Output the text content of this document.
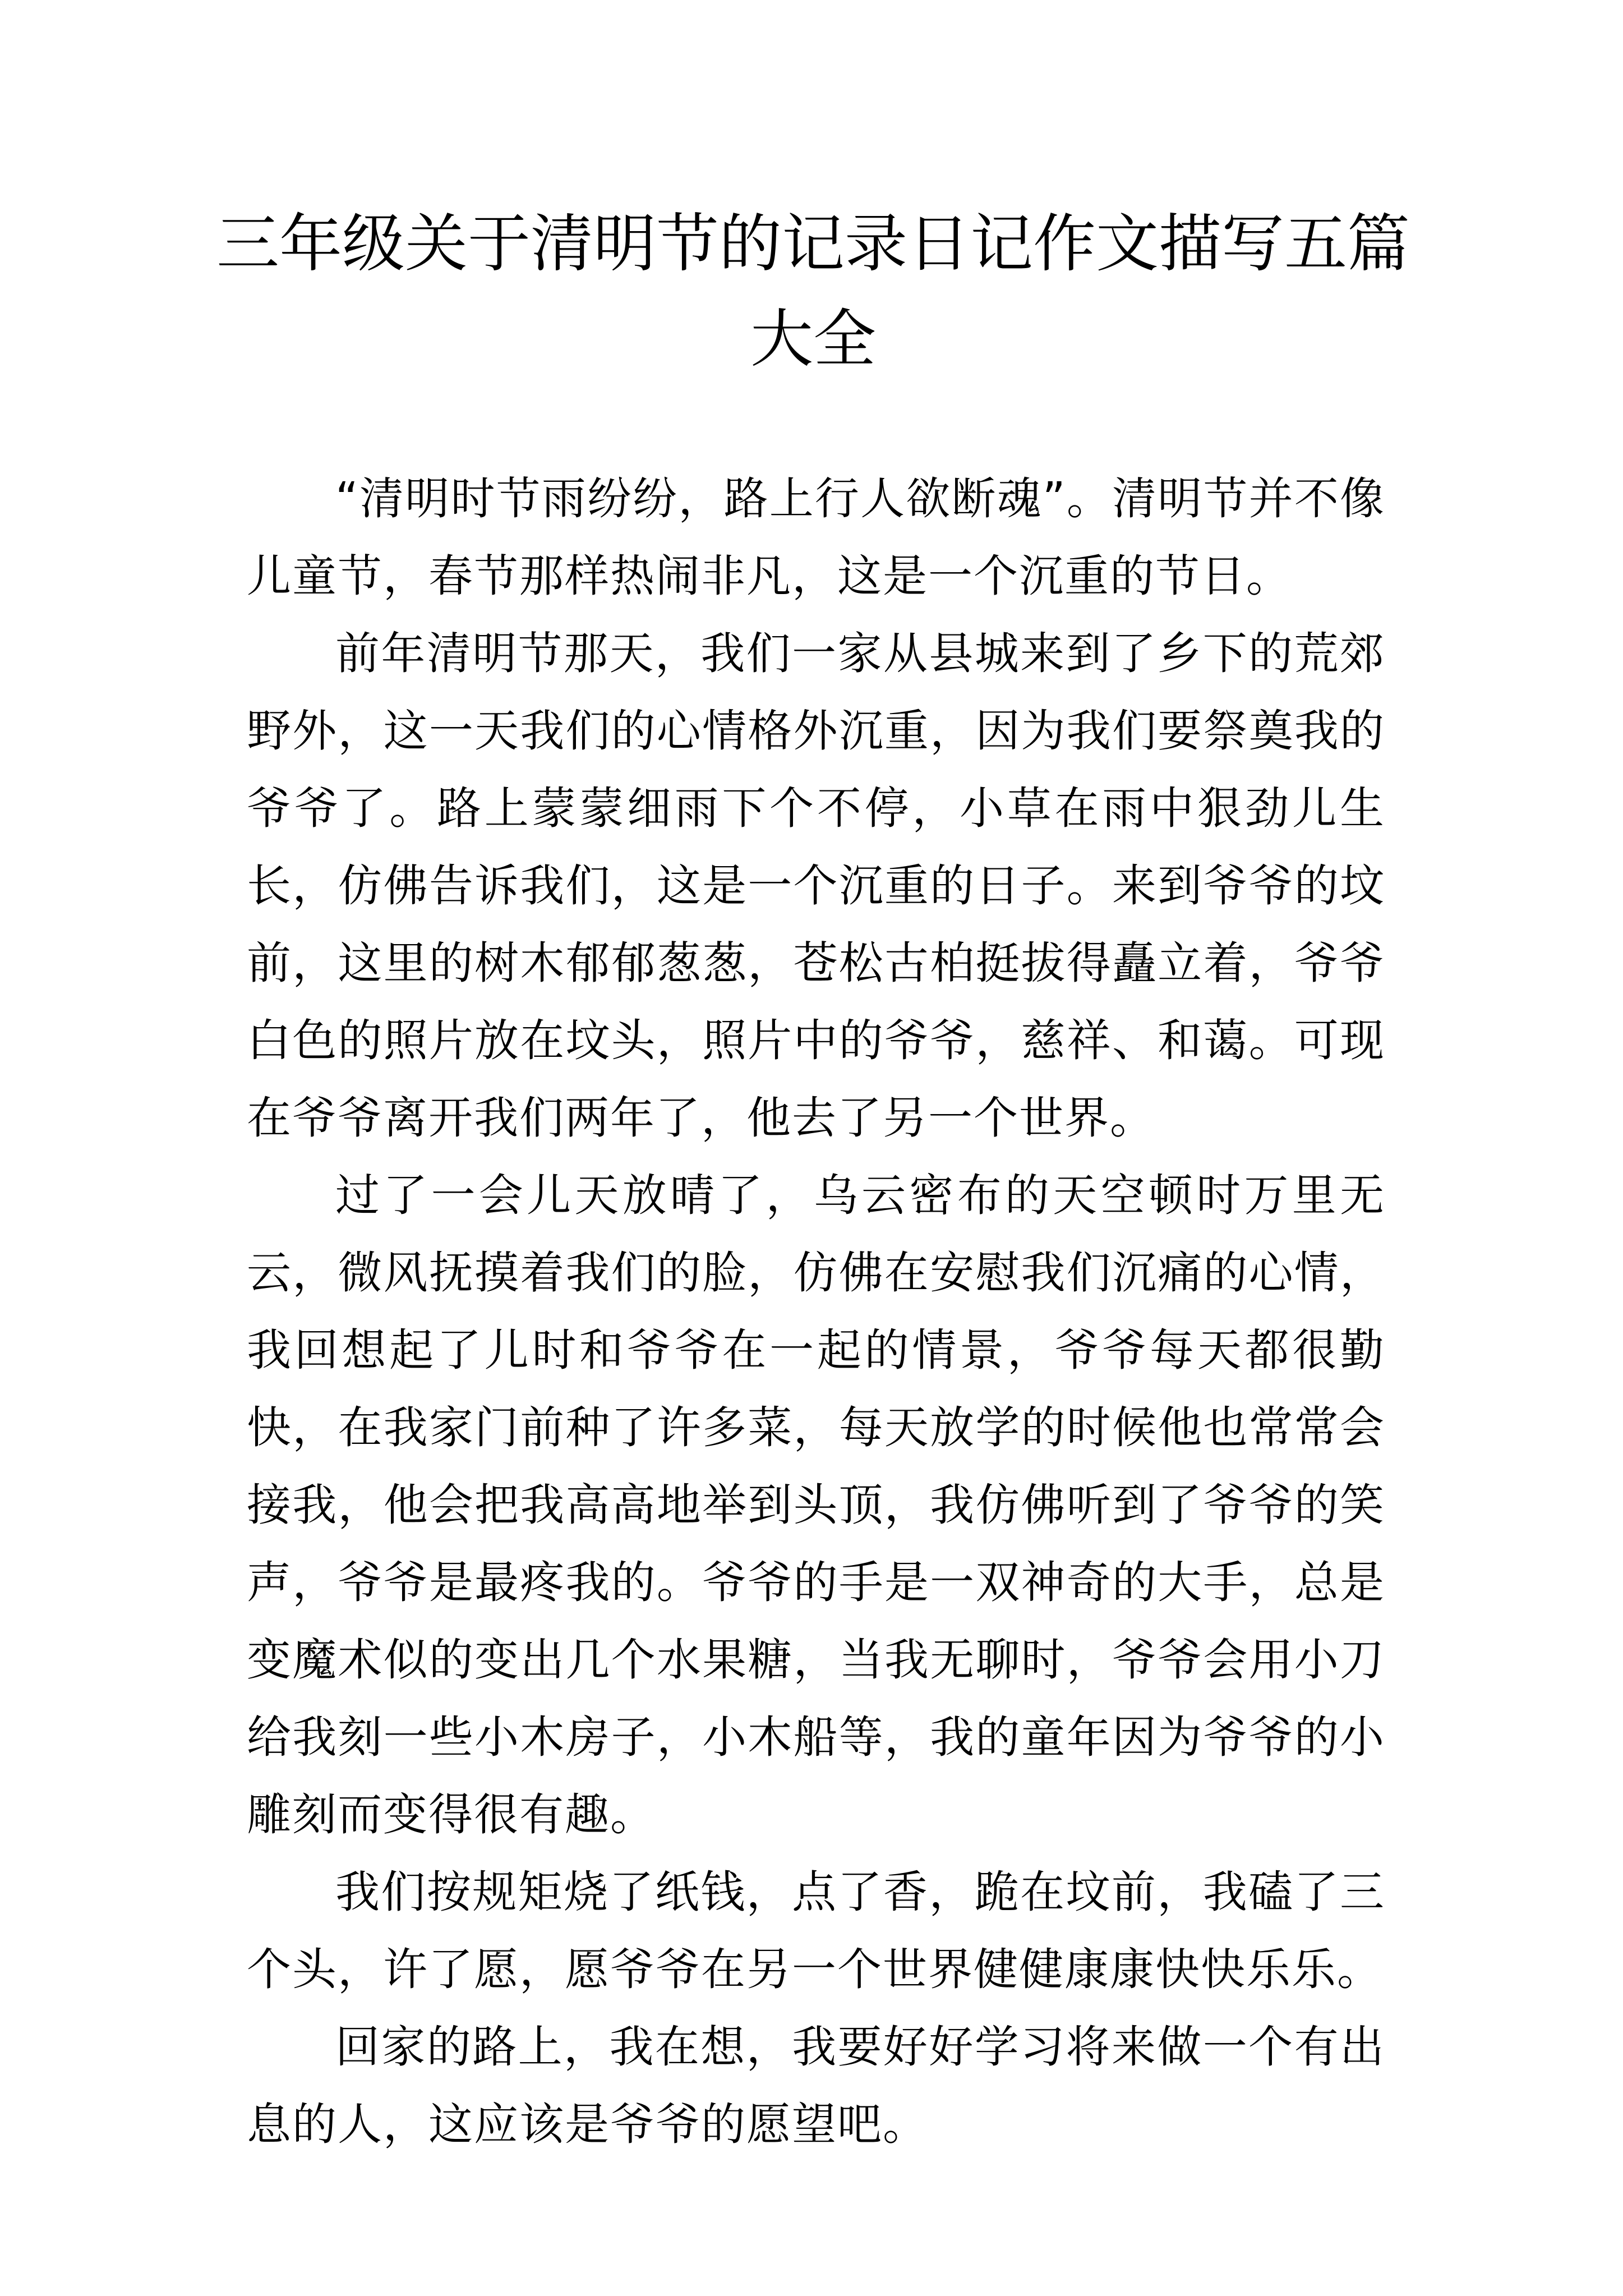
三年级关于清明节的记录日记作文描写五篇大全

“清明时节雨纷纷，路上行人欲断魂”。清明节并不像儿童节，春节那样热闹非凡，这是一个沉重的节日。

前年清明节那天，我们一家从县城来到了乡下的荒郊野外，这一天我们的心情格外沉重，因为我们要祭奠我的爷爷了。路上蒙蒙细雨下个不停，小草在雨中狠劲儿生长，仿佛告诉我们，这是一个沉重的日子。来到爷爷的坟前，这里的树木郁郁葱葱，苍松古柏挺拔得矗立着，爷爷白色的照片放在坟头，照片中的爷爷，慈祥、和蔼。可现在爷爷离开我们两年了，他去了另一个世界。

过了一会儿天放晴了，乌云密布的天空顿时万里无云，微风抚摸着我们的脸，仿佛在安慰我们沉痛的心情，我回想起了儿时和爷爷在一起的情景，爷爷每天都很勤快，在我家门前种了许多菜，每天放学的时候他也常常会接我，他会把我高高地举到头顶，我仿佛听到了爷爷的笑声，爷爷是最疼我的。爷爷的手是一双神奇的大手，总是变魔术似的变出几个水果糖，当我无聊时，爷爷会用小刀给我刻一些小木房子，小木船等，我的童年因为爷爷的小雕刻而变得很有趣。

我们按规矩烧了纸钱，点了香，跪在坟前，我磕了三个头，许了愿，愿爷爷在另一个世界健健康康快快乐乐。

回家的路上，我在想，我要好好学习将来做一个有出息的人，这应该是爷爷的愿望吧。
